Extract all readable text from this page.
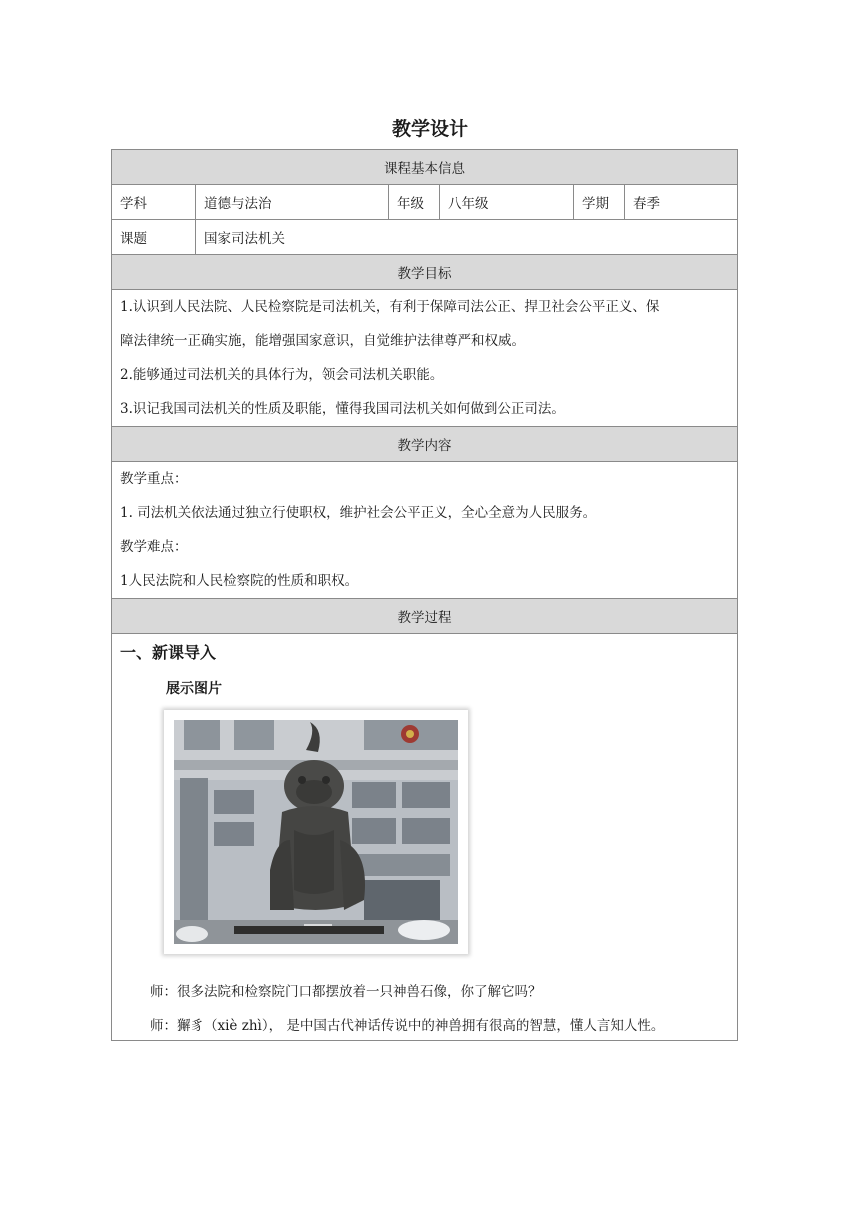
教学设计
课程基本信息					
学科	道德与法治	年级	八年级	学期	春季
课题	国家司法机关				
教学目标					

1.认识到人民法院、人民检察院是司法机关，有利于保障司法公正、捍卫社会公平正义、保
障法律统一正确实施，能增强国家意识，自觉维护法律尊严和权威。
2.能够通过司法机关的具体行为，领会司法机关职能。
3.识记我国司法机关的性质及职能，懂得我国司法机关如何做到公正司法。					

教学内容					

教学重点：
1. 司法机关依法通过独立行使职权，维护社会公平正义，全心全意为人民服务。
教学难点：
1人民法院和人民检察院的性质和职权。					

教学过程					

一、新课导入
展示图片
师：很多法院和检察院门口都摆放着一只神兽石像，你了解它吗？
师：獬豸（xiè zhì）， 是中国古代神话传说中的神兽拥有很高的智慧，懂人言知人性。					
